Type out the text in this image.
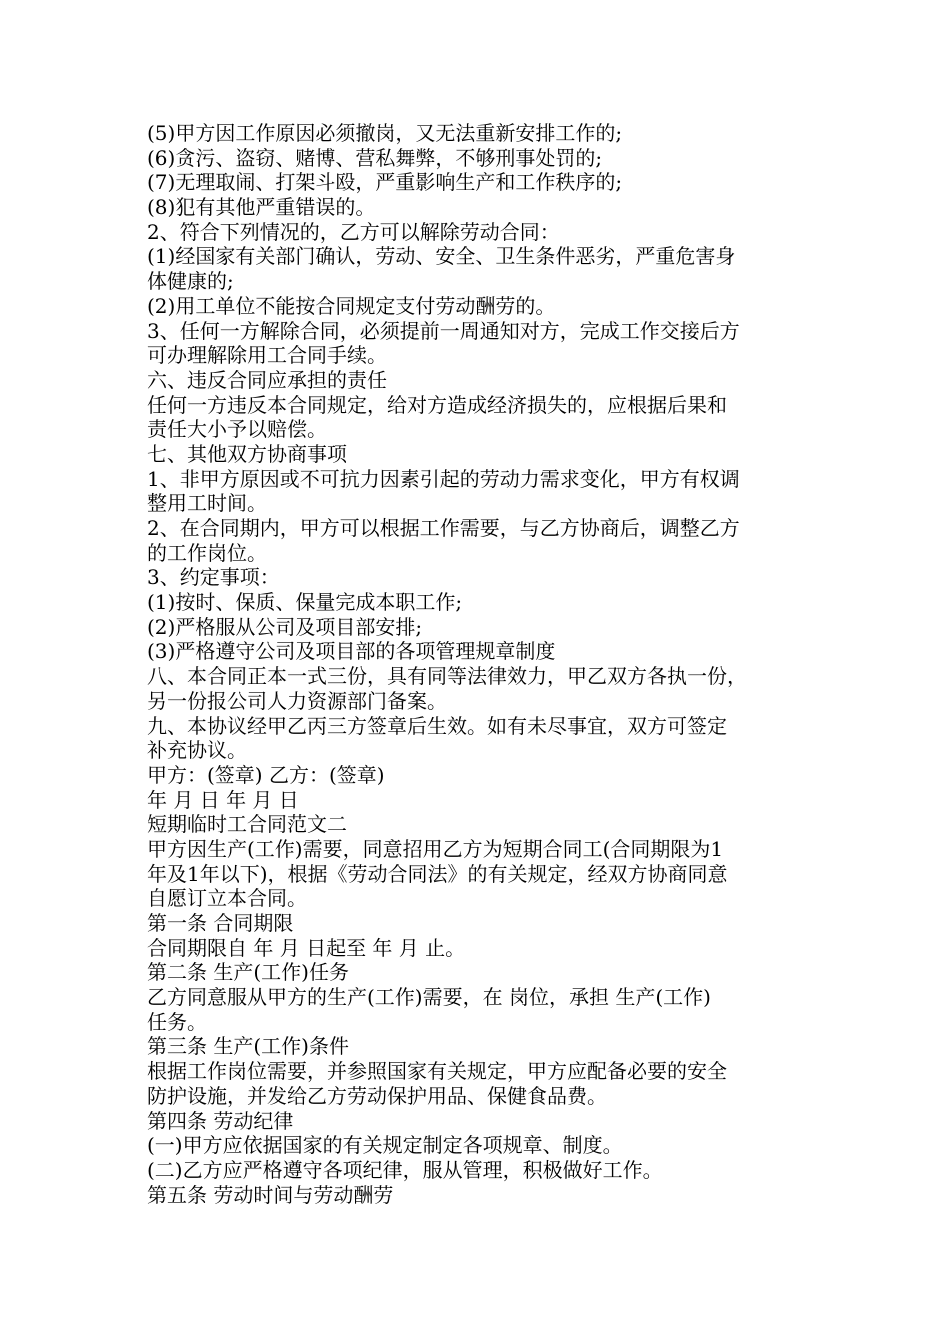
(5)甲方因工作原因必须撤岗，又无法重新安排工作的;
(6)贪污、盗窃、赌博、营私舞弊，不够刑事处罚的;
(7)无理取闹、打架斗殴，严重影响生产和工作秩序的;
(8)犯有其他严重错误的。
2、符合下列情况的，乙方可以解除劳动合同：
(1)经国家有关部门确认，劳动、安全、卫生条件恶劣，严重危害身
体健康的;
(2)用工单位不能按合同规定支付劳动酬劳的。
3、任何一方解除合同，必须提前一周通知对方，完成工作交接后方
可办理解除用工合同手续。
六、违反合同应承担的责任
任何一方违反本合同规定，给对方造成经济损失的，应根据后果和
责任大小予以赔偿。
七、其他双方协商事项
1、非甲方原因或不可抗力因素引起的劳动力需求变化，甲方有权调
整用工时间。
2、在合同期内，甲方可以根据工作需要，与乙方协商后，调整乙方
的工作岗位。
3、约定事项：
(1)按时、保质、保量完成本职工作;
(2)严格服从公司及项目部安排;
(3)严格遵守公司及项目部的各项管理规章制度
八、本合同正本一式三份，具有同等法律效力，甲乙双方各执一份，
另一份报公司人力资源部门备案。
九、本协议经甲乙丙三方签章后生效。如有未尽事宜，双方可签定
补充协议。
甲方：(签章) 乙方：(签章)
年 月 日 年 月 日
短期临时工合同范文二
甲方因生产(工作)需要，同意招用乙方为短期合同工(合同期限为1
年及1年以下)，根据《劳动合同法》的有关规定，经双方协商同意
自愿订立本合同。
第一条 合同期限
合同期限自 年 月 日起至 年 月 止。
第二条 生产(工作)任务
乙方同意服从甲方的生产(工作)需要，在 岗位，承担 生产(工作)
任务。
第三条 生产(工作)条件
根据工作岗位需要，并参照国家有关规定，甲方应配备必要的安全
防护设施，并发给乙方劳动保护用品、保健食品费。
第四条 劳动纪律
(一)甲方应依据国家的有关规定制定各项规章、制度。
(二)乙方应严格遵守各项纪律，服从管理，积极做好工作。
第五条 劳动时间与劳动酬劳
